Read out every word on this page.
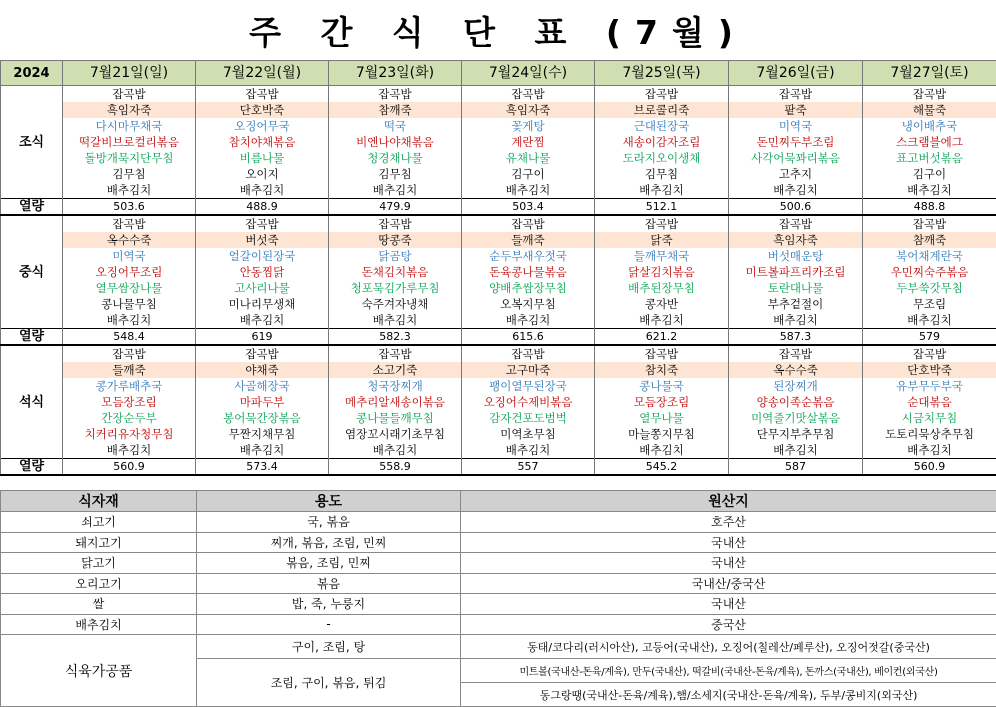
주 간 식 단 표 (7월)
2024	7월21일(일)	7월22일(월)	7월23일(화)	7월24일(수)	7월25일(목)	7월26일(금)	7월27일(토)
조식	잡곡밥	잡곡밥	잡곡밥	잡곡밥	잡곡밥	잡곡밥	잡곡밥
	흑임자죽	단호박죽	참깨죽	흑임자죽	브로콜리죽	팥죽	해물죽
	다시마무채국	오징어무국	떡국	꽃게탕	근대된장국	미역국	냉이배추국
	떡갈비브로컬리볶음	참치야채볶음	비엔나야채볶음	계란찜	새송이감자조림	돈민찌두부조림	스크램블에그
	돌방개묵지단무침	비름나물	청경채나물	유채나물	도라지오이생채	사각어묵꽈리볶음	표고버섯볶음
	김무침	오이지	김무침	김구이	김무침	고추지	김구이
	배추김치	배추김치	배추김치	배추김치	배추김치	배추김치	배추김치
열량	503.6	488.9	479.9	503.4	512.1	500.6	488.8
중식	잡곡밥	잡곡밥	잡곡밥	잡곡밥	잡곡밥	잡곡밥	잡곡밥
	옥수수죽	버섯죽	땅콩죽	들깨죽	닭죽	흑임자죽	참깨죽
	미역국	얼갈이된장국	닭곰탕	순두부새우젓국	들깨무채국	버섯매운탕	북어채계란국
	오징어무조림	안동찜닭	돈채김치볶음	돈육콩나물볶음	닭살김치볶음	미트볼파프리카조림	우민찌숙주볶음
	열무쌈장나물	고사리나물	청포묵김가루무침	양배추쌈장무침	배추된장무침	토란대나물	두부쑥갓무침
	콩나물무침	미나리무생채	숙주겨자냉채	오복지무침	콩자반	부추겉절이	무조림
	배추김치	배추김치	배추김치	배추김치	배추김치	배추김치	배추김치
열량	548.4	619	582.3	615.6	621.2	587.3	579
석식	잡곡밥	잡곡밥	잡곡밥	잡곡밥	잡곡밥	잡곡밥	잡곡밥
	들깨죽	야채죽	소고기죽	고구마죽	참치죽	옥수수죽	단호박죽
	콩가루배추국	사골해장국	청국장찌개	팽이열무된장국	콩나물국	된장찌개	유부무두부국
	모듬장조림	마파두부	메추리알새송이볶음	오징어수제비볶음	모듬장조림	양송이족순볶음	순대볶음
	간장순두부	봉어묵간장볶음	콩나물들깨무침	감자건포도범벅	열무나물	미역줄기맛살볶음	시금치무침
	치커리유자청무침	무짠지채무침	염장꼬시래기초무침	미역초무침	마늘쫑지무침	단무지부추무침	도토리묵상추무침
	배추김치	배추김치	배추김치	배추김치	배추김치	배추김치	배추김치
열량	560.9	573.4	558.9	557	545.2	587	560.9
식자재	용도	원산지
쇠고기	국, 볶음	호주산
돼지고기	찌개, 볶음, 조림, 민찌	국내산
닭고기	볶음, 조림, 민찌	국내산
오리고기	볶음	국내산/중국산
쌀	밥, 죽, 누룽지	국내산
배추김치	-	중국산
식육가공품	구이, 조림, 탕	동태/코다리(러시아산), 고등어(국내산), 오징어(칠레산/페루산), 오징어젓갈(중국산)
	조림, 구이, 볶음, 튀김	미트볼(국내산-돈육/계육), 만두(국내산), 떡갈비(국내산-돈육/계육), 돈까스(국내산), 베이컨(외국산)
		동그랑땡(국내산-돈육/계육),햄/소세지(국내산-돈육/계육), 두부/콩비지(외국산)
